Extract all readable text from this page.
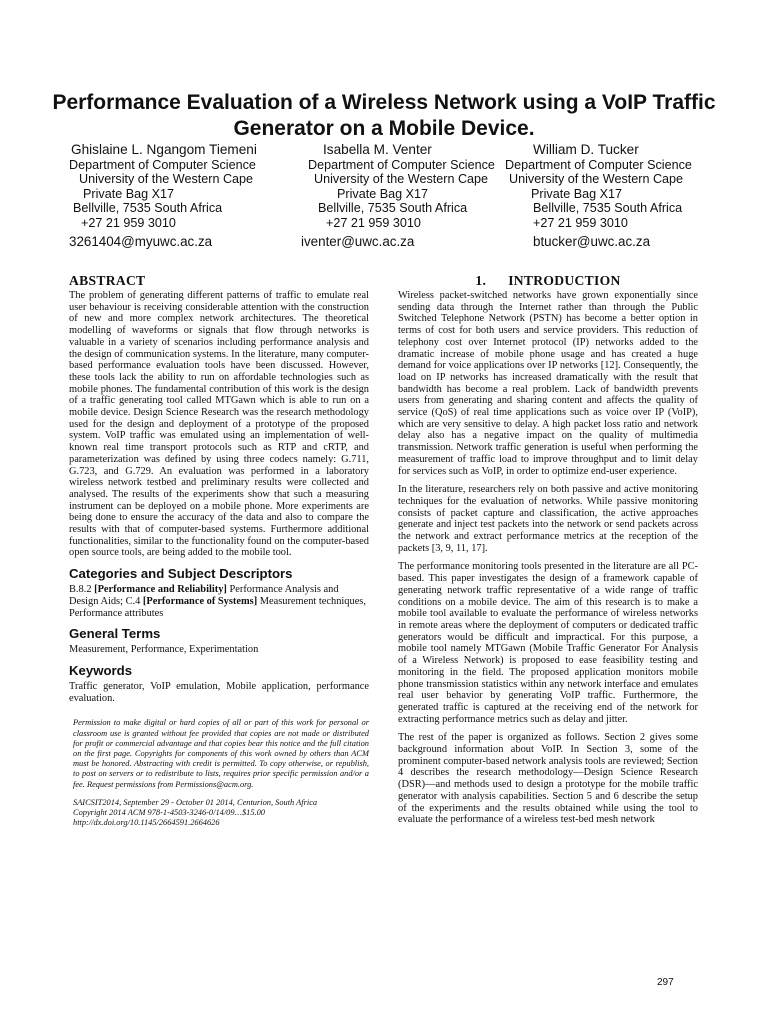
Performance Evaluation of a Wireless Network using a VoIP Traffic Generator on a Mobile Device.
Ghislaine L. Ngangom Tiemeni
Department of Computer Science
University of the Western Cape
Private Bag X17
Bellville, 7535 South Africa
+27 21 959 3010
3261404@myuwc.ac.za
Isabella M. Venter
Department of Computer Science
University of the Western Cape
Private Bag X17
Bellville, 7535 South Africa
+27 21 959 3010
iventer@uwc.ac.za
William D. Tucker
Department of Computer Science
University of the Western Cape
Private Bag X17
Bellville, 7535 South Africa
+27 21 959 3010
btucker@uwc.ac.za
ABSTRACT

The problem of generating different patterns of traffic to emulate real user behaviour is receiving considerable attention with the construction of new and more complex network architectures. The theoretical modelling of waveforms or signals that flow through networks is valuable in a variety of scenarios including performance analysis and the design of communication systems. In the literature, many computer-based performance evaluation tools have been discussed. However, these tools lack the ability to run on affordable technologies such as mobile phones. The fundamental contribution of this work is the design of a traffic generating tool called MTGawn which is able to run on a mobile device. Design Science Research was the research methodology used for the design and deployment of a prototype of the proposed system. VoIP traffic was emulated using an implementation of well-known real time transport protocols such as RTP and cRTP, and parameterization was defined by using three codecs namely: G.711, G.723, and G.729. An evaluation was performed in a laboratory wireless network testbed and preliminary results were collected and analysed. The results of the experiments show that such a measuring instrument can be deployed on a mobile phone. More experiments are being done to ensure the accuracy of the data and also to compare the results with that of computer-based systems. Furthermore additional functionalities, similar to the functionality found on the computer-based open source tools, are being added to the mobile tool.

Categories and Subject Descriptors

B.8.2 [Performance and Reliability] Performance Analysis and Design Aids; C.4 [Performance of Systems] Measurement techniques, Performance attributes

General Terms

Measurement, Performance, Experimentation

Keywords

Traffic generator, VoIP emulation, Mobile application, performance evaluation.

Permission to make digital or hard copies of all or part of this work for personal or classroom use is granted without fee provided that copies are not made or distributed for profit or commercial advantage and that copies bear this notice and the full citation on the first page. Copyrights for components of this work owned by others than ACM must be honored. Abstracting with credit is permitted. To copy otherwise, or republish, to post on servers or to redistribute to lists, requires prior specific permission and/or a fee. Request permissions from Permissions@acm.org.

SAICSIT2014, September 29 - October 01 2014, Centurion, South Africa
Copyright 2014 ACM 978-1-4503-3246-0/14/09…$15.00
http://dx.doi.org/10.1145/2664591.2664626
1. INTRODUCTION

Wireless packet-switched networks have grown exponentially since sending data through the Internet rather than through the Public Switched Telephone Network (PSTN) has become a better option in terms of cost for both users and service providers. This reduction of telephony cost over Internet protocol (IP) networks added to the dramatic increase of mobile phone usage and has created a huge demand for voice applications over IP networks [12]. Consequently, the load on IP networks has increased dramatically with the result that bandwidth has become a real problem. Lack of bandwidth prevents users from generating and sharing content and affects the quality of service (QoS) of real time applications such as voice over IP (VoIP), which are very sensitive to delay. A high packet loss ratio and network delay also has a negative impact on the quality of multimedia transmission. Network traffic generation is useful when performing the measurement of traffic load to improve throughput and to limit delay for services such as VoIP, in order to optimize end-user experience.

In the literature, researchers rely on both passive and active monitoring techniques for the evaluation of networks. While passive monitoring consists of packet capture and classification, the active approaches generate and inject test packets into the network or send packets across the network and extract performance metrics at the reception of the packets [3, 9, 11, 17].

The performance monitoring tools presented in the literature are all PC-based. This paper investigates the design of a framework capable of generating network traffic representative of a wide range of traffic conditions on a mobile device. The aim of this research is to make a mobile tool available to evaluate the performance of wireless networks in remote areas where the deployment of computers or dedicated traffic generators would be difficult and impractical. For this purpose, a mobile tool namely MTGawn (Mobile Traffic Generator For Analysis of a Wireless Network) is proposed to ease feasibility testing and monitoring in the field. The proposed application monitors mobile phone transmission statistics within any network interface and emulates real user behavior by generating VoIP traffic. Furthermore, the generated traffic is captured at the receiving end of the network for extracting performance metrics such as delay and jitter.

The rest of the paper is organized as follows. Section 2 gives some background information about VoIP. In Section 3, some of the prominent computer-based network analysis tools are reviewed; Section 4 describes the research methodology—Design Science Research (DSR)—and methods used to design a prototype for the mobile traffic generator with analysis capabilities. Section 5 and 6 describe the setup of the experiments and the results obtained while using the tool to evaluate the performance of a wireless test-bed mesh network

297
